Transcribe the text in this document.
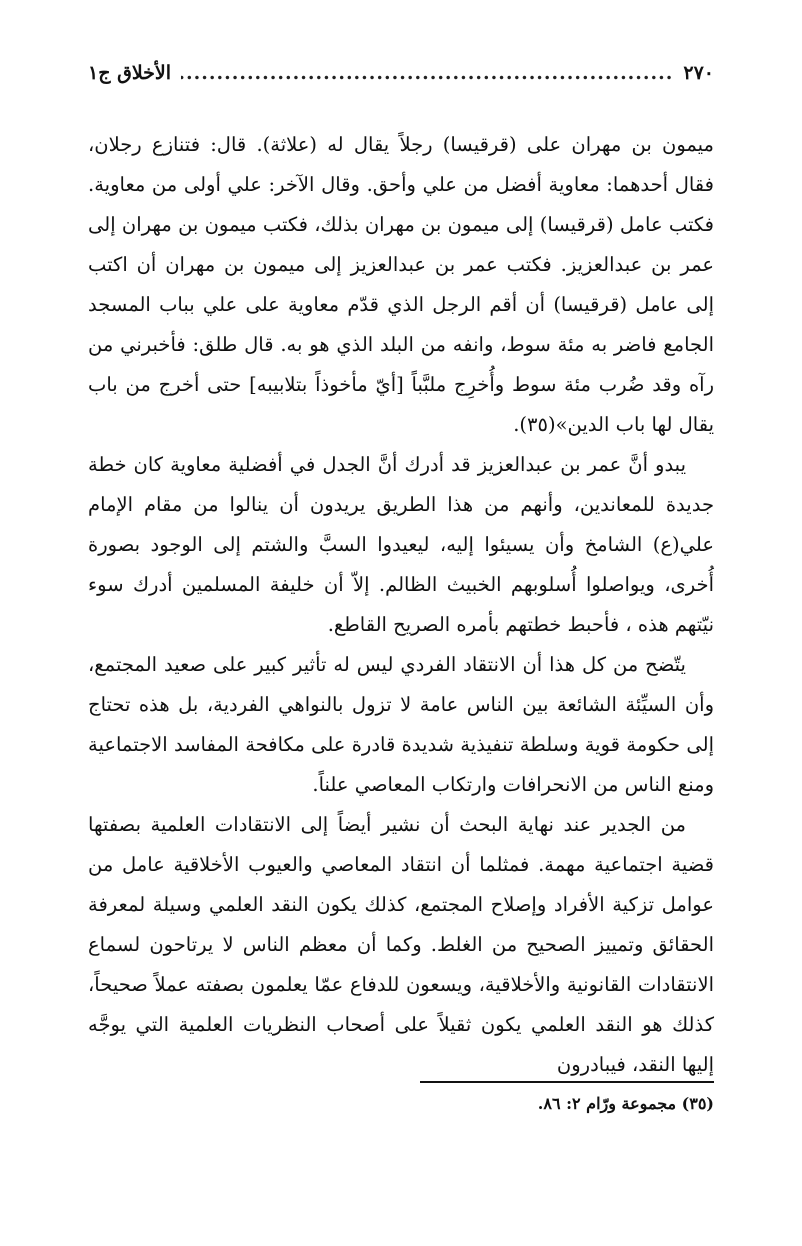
٢٧٠
.....
الأخلاق ج١

ميمون بن مهران على (قرقيسا) رجلاً يقال له (علاثة). قال: فتنازع رجلان، فقال أحدهما: معاوية أفضل من علي وأحق. وقال الآخر: علي أولى من معاوية. فكتب عامل (قرقيسا) إلى ميمون بن مهران بذلك، فكتب ميمون بن مهران إلى عمر بن عبدالعزيز. فكتب عمر بن عبدالعزيز إلى ميمون بن مهران أن اكتب إلى عامل (قرقيسا) أن أقم الرجل الذي قدّم معاوية على علي بباب المسجد الجامع فاضر به مئة سوط، وانفه من البلد الذي هو به. قال طلق: فأخبرني من رآه وقد ضُرب مئة سوط وأُخرِج ملبَّباً [أيّ مأخوذاً بتلابيبه] حتى أخرج من باب يقال لها باب الدين»(٣٥).

يبدو أنَّ عمر بن عبدالعزيز قد أدرك أنَّ الجدل في أفضلية معاوية كان خطة جديدة للمعاندين، وأنهم من هذا الطريق يريدون أن ينالوا من مقام الإمام علي(ع) الشامخ وأن يسيئوا إليه، ليعيدوا السبَّ والشتم إلى الوجود بصورة أُخرى، ويواصلوا أُسلوبهم الخبيث الظالم. إلاّ أن خليفة المسلمين أدرك سوء نيّتهم هذه ، فأحبط خطتهم بأمره الصريح القاطع.

يتّضح من كل هذا أن الانتقاد الفردي ليس له تأثير كبير على صعيد المجتمع، وأن السيِّئة الشائعة بين الناس عامة لا تزول بالنواهي الفردية، بل هذه تحتاج إلى حكومة قوية وسلطة تنفيذية شديدة قادرة على مكافحة المفاسد الاجتماعية ومنع الناس من الانحرافات وارتكاب المعاصي علناً.

من الجدير عند نهاية البحث أن نشير أيضاً إلى الانتقادات العلمية بصفتها قضية اجتماعية مهمة. فمثلما أن انتقاد المعاصي والعيوب الأخلاقية عامل من عوامل تزكية الأفراد وإصلاح المجتمع، كذلك يكون النقد العلمي وسيلة لمعرفة الحقائق وتمييز الصحيح من الغلط. وكما أن معظم الناس لا يرتاحون لسماع الانتقادات القانونية والأخلاقية، ويسعون للدفاع عمّا يعلمون بصفته عملاً صحيحاً، كذلك هو النقد العلمي يكون ثقيلاً على أصحاب النظريات العلمية التي يوجَّه إليها النقد، فيبادرون

(٣٥) مجموعة ورّام ٢: ٨٦.
